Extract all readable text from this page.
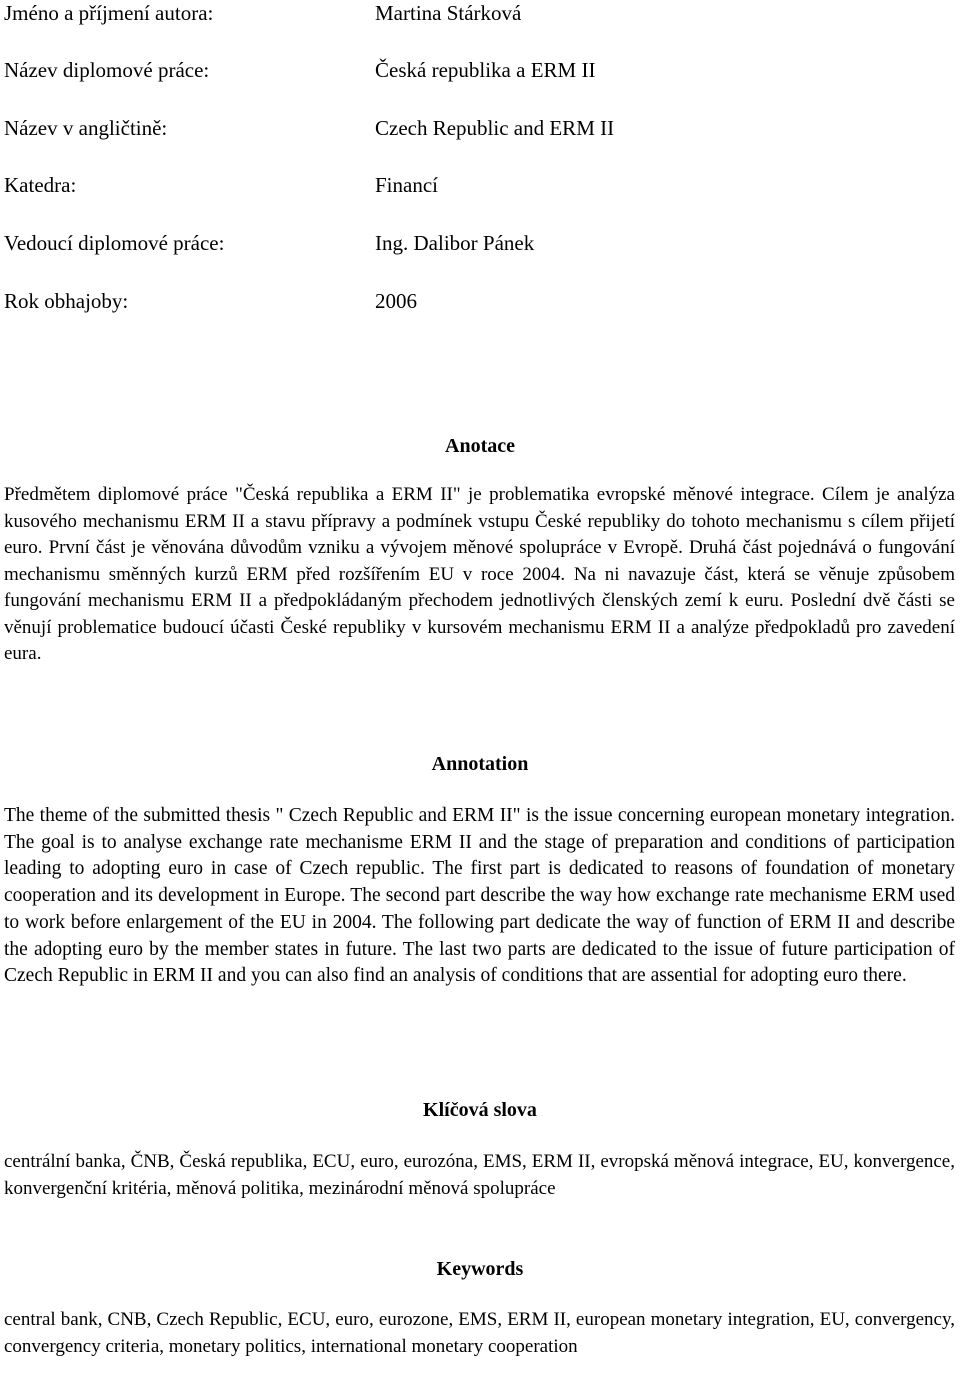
Jméno a příjmení autora:	Martina Stárková
Název diplomové práce:	Česká republika a ERM II
Název v angličtině:	Czech Republic and ERM II
Katedra:	Financí
Vedoucí diplomové práce:	Ing. Dalibor Pánek
Rok obhajoby:	2006
Anotace

Předmětem diplomové práce "Česká republika a ERM II" je problematika evropské měnové integrace. Cílem je analýza kusového mechanismu ERM II a stavu přípravy a podmínek vstupu České republiky do tohoto mechanismu s cílem přijetí euro. První část je věnována důvodům vzniku a vývojem měnové spolupráce v Evropě. Druhá část pojednává o fungování mechanismu směnných kurzů ERM před rozšířením EU v roce 2004. Na ni navazuje část, která se věnuje způsobem fungování mechanismu ERM II a předpokládaným přechodem jednotlivých členských zemí k euru. Poslední dvě části se věnují problematice budoucí účasti České republiky v kursovém mechanismu ERM II a analýze předpokladů pro zavedení eura.

Annotation

The theme of the submitted thesis " Czech Republic and ERM II" is the issue concerning european monetary integration. The goal is to analyse exchange rate mechanisme ERM II and the stage of preparation and conditions of participation leading to adopting euro in case of Czech republic. The first part is dedicated to reasons of foundation of monetary cooperation and its development in Europe. The second part describe the way how exchange rate mechanisme ERM used to work before enlargement of the EU in 2004. The following part dedicate the way of function of ERM II and describe the adopting euro by the member states in future. The last two parts are dedicated to the issue of future participation of Czech Republic in ERM II and you can also find an analysis of conditions that are assential for adopting euro there.

Klíčová slova

centrální banka, ČNB, Česká republika, ECU, euro, eurozóna, EMS, ERM II, evropská měnová integrace, EU, konvergence, konvergenční kritéria, měnová politika, mezinárodní měnová spolupráce

Keywords

central bank, CNB, Czech Republic, ECU, euro, eurozone, EMS, ERM II, european monetary integration, EU, convergency, convergency criteria, monetary politics, international monetary cooperation
